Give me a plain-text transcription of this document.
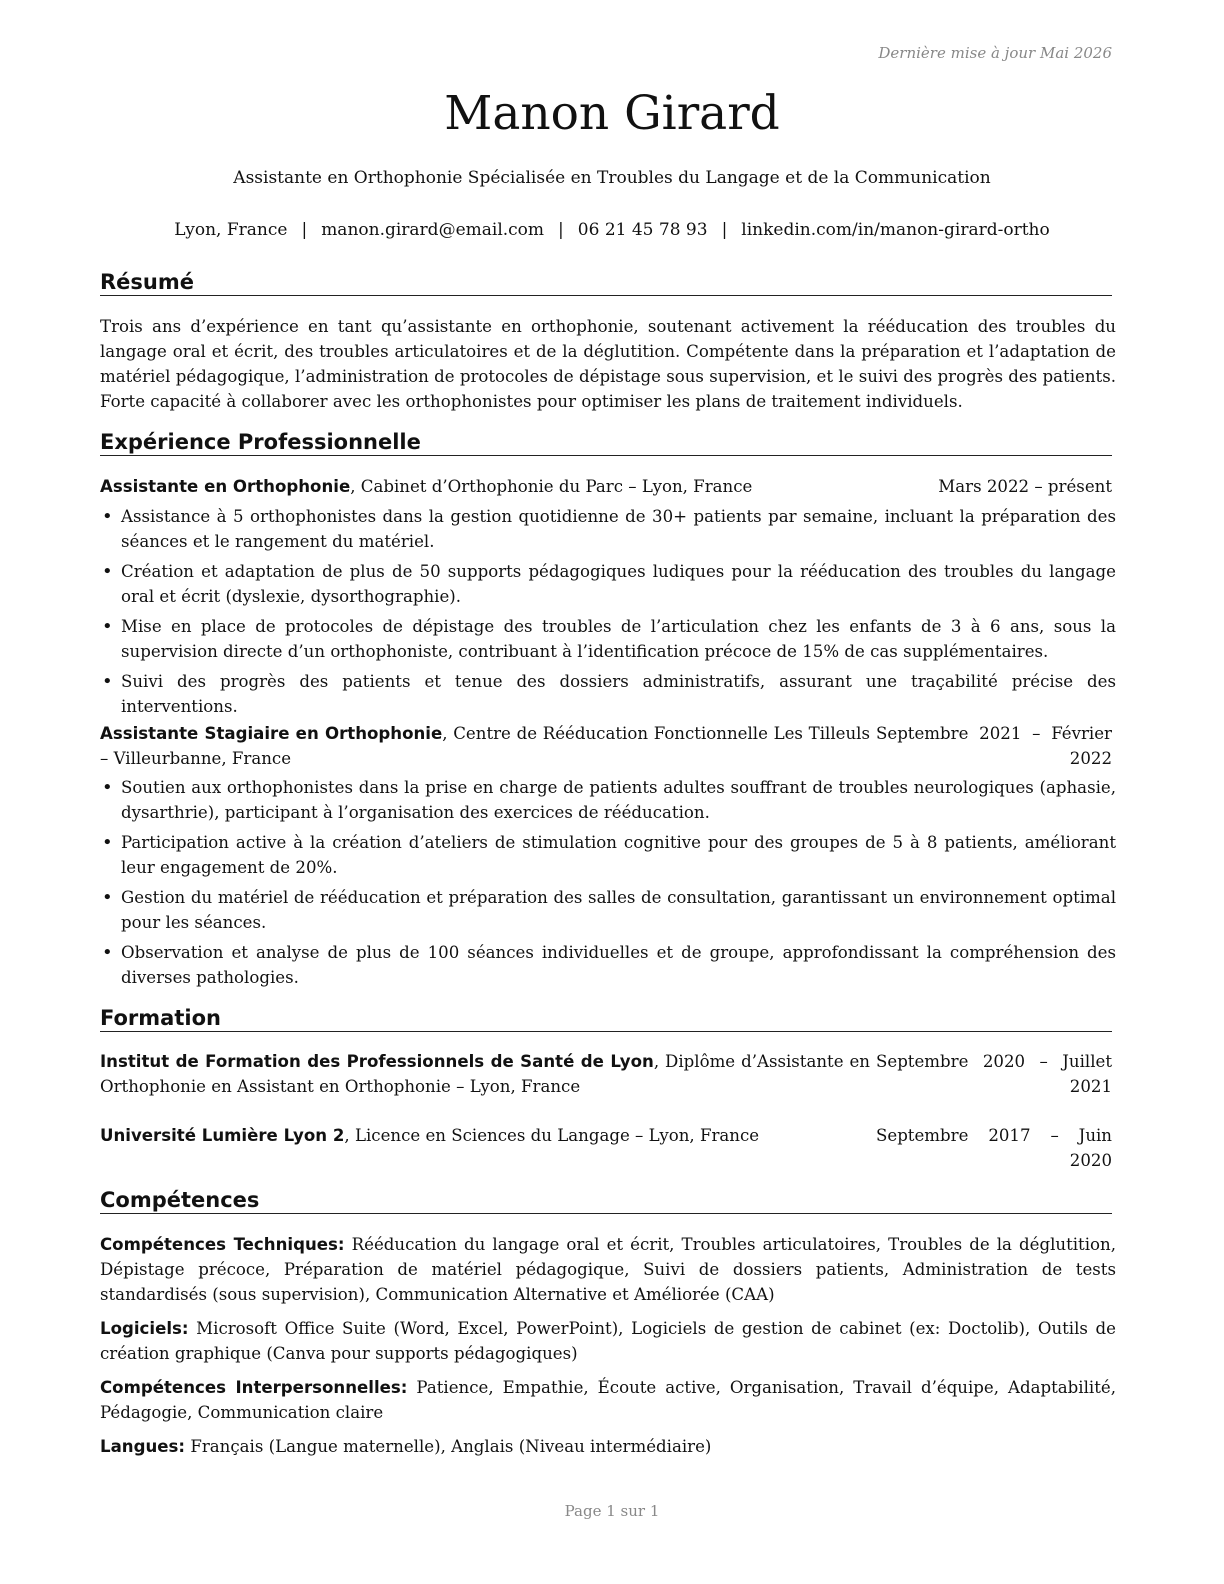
Dernière mise à jour Mai 2026
Manon Girard
Assistante en Orthophonie Spécialisée en Troubles du Langage et de la Communication
Lyon, France | manon.girard@email.com | 06 21 45 78 93 | linkedin.com/in/manon-girard-ortho
Résumé
Trois ans d’expérience en tant qu’assistante en orthophonie, soutenant activement la rééducation des troubles du langage oral et écrit, des troubles articulatoires et de la déglutition. Compétente dans la préparation et l’adaptation de matériel pédagogique, l’administration de protocoles de dépistage sous supervision, et le suivi des progrès des patients. Forte capacité à collaborer avec les orthophonistes pour optimiser les plans de traitement individuels.
Expérience Professionnelle
Assistante en Orthophonie, Cabinet d’Orthophonie du Parc – Lyon, France	Mars 2022 – présent
• Assistance à 5 orthophonistes dans la gestion quotidienne de 30+ patients par semaine, incluant la préparation des séances et le rangement du matériel.
• Création et adaptation de plus de 50 supports pédagogiques ludiques pour la rééducation des troubles du langage oral et écrit (dyslexie, dysorthographie).
• Mise en place de protocoles de dépistage des troubles de l’articulation chez les enfants de 3 à 6 ans, sous la supervision directe d’un orthophoniste, contribuant à l’identification précoce de 15% de cas supplémentaires.
• Suivi des progrès des patients et tenue des dossiers administratifs, assurant une traçabilité précise des interventions.
Assistante Stagiaire en Orthophonie, Centre de Rééducation Fonctionnelle Les Tilleuls – Villeurbanne, France
Septembre 2021 – Février 2022
• Soutien aux orthophonistes dans la prise en charge de patients adultes souffrant de troubles neurologiques (aphasie, dysarthrie), participant à l’organisation des exercices de rééducation.
• Participation active à la création d’ateliers de stimulation cognitive pour des groupes de 5 à 8 patients, améliorant leur engagement de 20%.
• Gestion du matériel de rééducation et préparation des salles de consultation, garantissant un environnement optimal pour les séances.
• Observation et analyse de plus de 100 séances individuelles et de groupe, approfondissant la compréhension des diverses pathologies.
Formation
Institut de Formation des Professionnels de Santé de Lyon, Diplôme d’Assistante en Orthophonie en Assistant en Orthophonie – Lyon, France
Septembre 2020 – Juillet 2021
Université Lumière Lyon 2, Licence en Sciences du Langage – Lyon, France	Septembre 2017 – Juin 2020
Compétences
Compétences Techniques: Rééducation du langage oral et écrit, Troubles articulatoires, Troubles de la déglutition, Dépistage précoce, Préparation de matériel pédagogique, Suivi de dossiers patients, Administration de tests standardisés (sous supervision), Communication Alternative et Améliorée (CAA)
Logiciels: Microsoft Office Suite (Word, Excel, PowerPoint), Logiciels de gestion de cabinet (ex: Doctolib), Outils de création graphique (Canva pour supports pédagogiques)
Compétences Interpersonnelles: Patience, Empathie, Écoute active, Organisation, Travail d’équipe, Adaptabilité, Pédagogie, Communication claire
Langues: Français (Langue maternelle), Anglais (Niveau intermédiaire)
Page 1 sur 1
